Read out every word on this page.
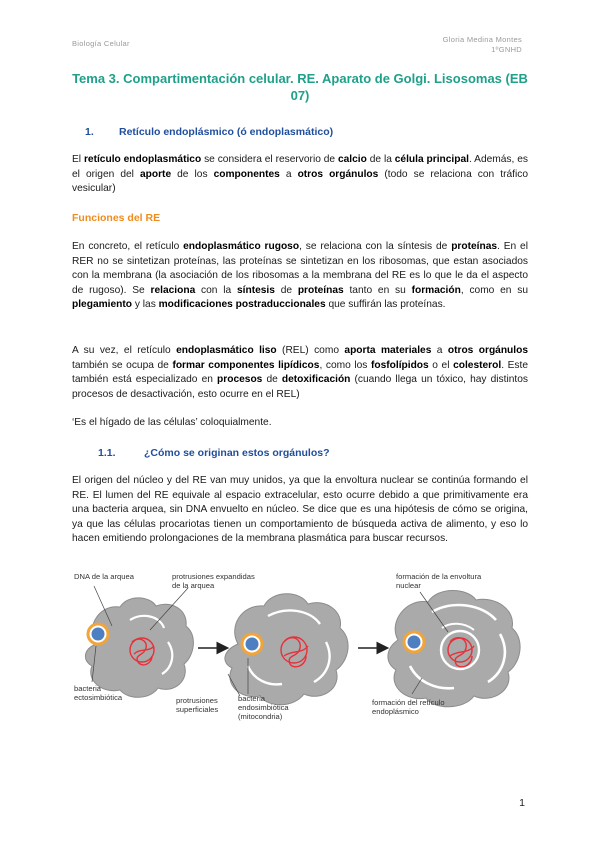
Biología Celular	Gloria Medina Montes
1ºGNHD
Tema 3. Compartimentación celular. RE. Aparato de Golgi. Lisosomas (EB 07)
1. Retículo endoplásmico (ó endoplasmático)
El retículo endoplasmático se considera el reservorio de calcio de la célula principal. Además, es el origen del aporte de los componentes a otros orgánulos (todo se relaciona con tráfico vesicular)
Funciones del RE
En concreto, el retículo endoplasmático rugoso, se relaciona con la síntesis de proteínas. En el RER no se sintetizan proteínas, las proteínas se sintetizan en los ribosomas, que estan asociados con la membrana (la asociación de los ribosomas a la membrana del RE es lo que le da el aspecto de rugoso). Se relaciona con la síntesis de proteínas tanto en su formación, como en su plegamiento y las modificaciones postraduccionales que suffirán las proteínas.
A su vez, el retículo endoplasmático liso (REL) como aporta materiales a otros orgánulos también se ocupa de formar componentes lipídicos, como los fosfolípidos o el colesterol. Este también está especializado en procesos de detoxificación (cuando llega un tóxico, hay distintos procesos de desactivación, esto ocurre en el REL)
‘Es el hígado de las células’ coloquialmente.
1.1.	¿Cómo se originan estos orgánulos?
El origen del núcleo y del RE van muy unidos, ya que la envoltura nuclear se continúa formando el RE. El lumen del RE equivale al espacio extracelular, esto ocurre debido a que primitivamente era una bacteria arquea, sin DNA envuelto en núcleo. Se dice que es una hipótesis de cómo se origina, ya que las células procariotas tienen un comportamiento de búsqueda activa de alimento, y eso lo hacen emitiendo prolongaciones de la membrana plasmática para buscar recursos.
DNA de la arquea	protrusiones expandidas
de la arquea
formación de la envoltura
nuclear
bacteria
ectosimbiótica	protrusiones
superficiales
bacteria
endosimbiótica
(mitocondria)
formación del retículo
endoplásmico
1
